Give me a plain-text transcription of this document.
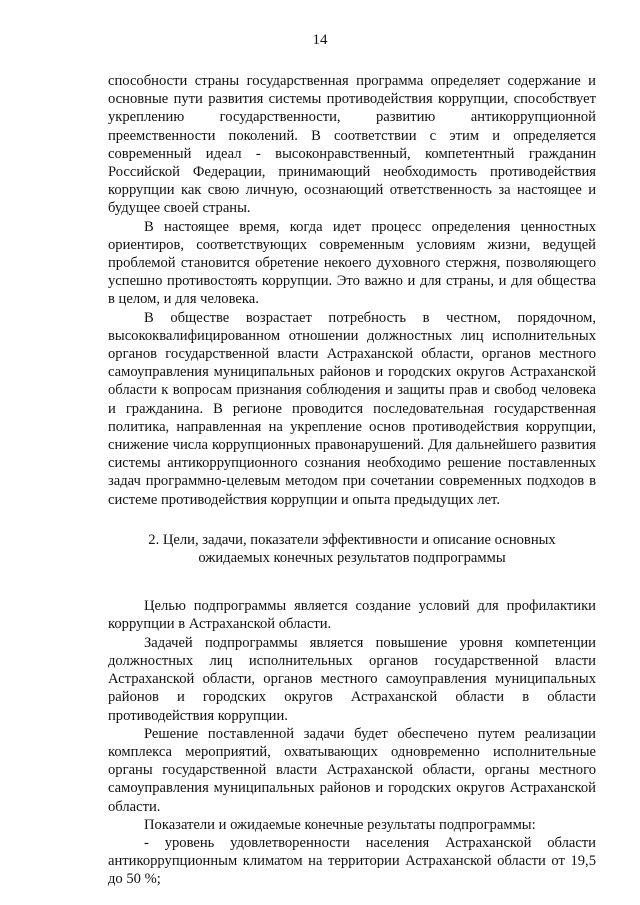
14

способности страны государственная программа определяет содержание и основные пути развития системы противодействия коррупции, способствует укреплению государственности, развитию антикоррупционной преемственности поколений. В соответствии с этим и определяется современный идеал - высоконравственный, компетентный гражданин Российской Федерации, принимающий необходимость противодействия коррупции как свою личную, осознающий ответственность за настоящее и будущее своей страны.

В настоящее время, когда идет процесс определения ценностных ориентиров, соответствующих современным условиям жизни, ведущей проблемой становится обретение некоего духовного стержня, позволяющего успешно противостоять коррупции. Это важно и для страны, и для общества в целом, и для человека.

В обществе возрастает потребность в честном, порядочном, высококвалифицированном отношении должностных лиц исполнительных органов государственной власти Астраханской области, органов местного самоуправления муниципальных районов и городских округов Астраханской области к вопросам признания соблюдения и защиты прав и свобод человека и гражданина. В регионе проводится последовательная государственная политика, направленная на укрепление основ противодействия коррупции, снижение числа коррупционных правонарушений. Для дальнейшего развития системы антикоррупционного сознания необходимо решение поставленных задач программно-целевым методом при сочетании современных подходов в системе противодействия коррупции и опыта предыдущих лет.

2. Цели, задачи, показатели эффективности и описание основных
ожидаемых конечных результатов подпрограммы

Целью подпрограммы является создание условий для профилактики коррупции в Астраханской области.

Задачей подпрограммы является повышение уровня компетенции должностных лиц исполнительных органов государственной власти Астраханской области, органов местного самоуправления муниципальных районов и городских округов Астраханской области в области противодействия коррупции.

Решение поставленной задачи будет обеспечено путем реализации комплекса мероприятий, охватывающих одновременно исполнительные органы государственной власти Астраханской области, органы местного самоуправления муниципальных районов и городских округов Астраханской области.

Показатели и ожидаемые конечные результаты подпрограммы:

- уровень удовлетворенности населения Астраханской области антикоррупционным климатом на территории Астраханской области от 19,5 до 50 %;
